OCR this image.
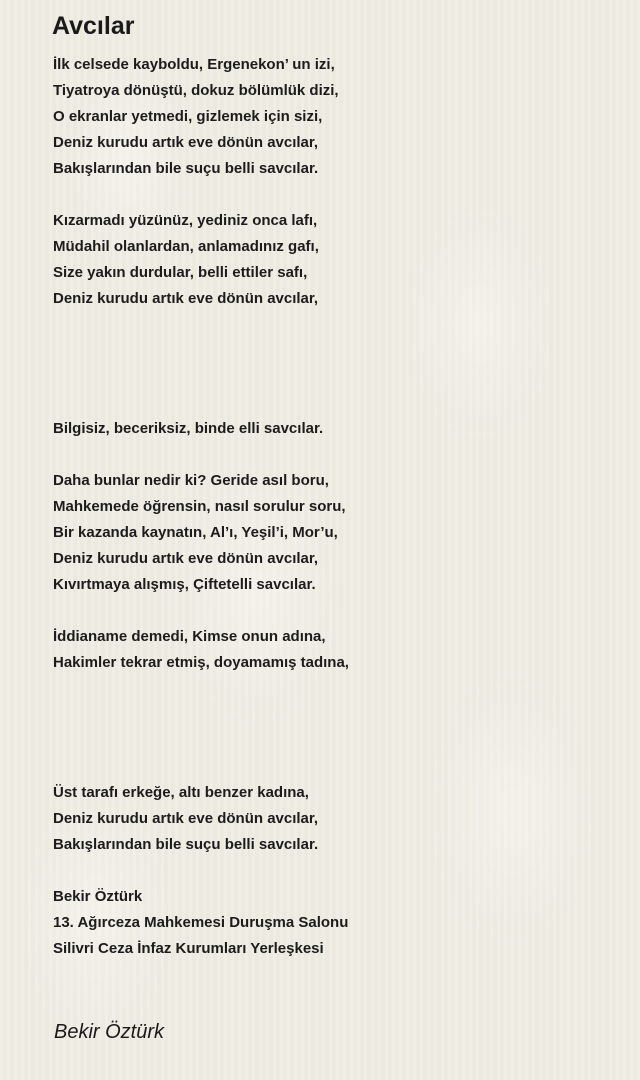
Avcılar
İlk celsede kayboldu, Ergenekon’ un izi,
Tiyatroya dönüştü, dokuz bölümlük dizi,
O ekranlar yetmedi, gizlemek için sizi,
Deniz kurudu artık eve dönün avcılar,
Bakışlarından bile suçu belli savcılar.
Kızarmadı yüzünüz, yediniz onca lafı,
Müdahil olanlardan, anlamadınız gafı,
Size yakın durdular, belli ettiler safı,
Deniz kurudu artık eve dönün avcılar,
Bilgisiz, beceriksiz, binde elli savcılar.
Daha bunlar nedir ki? Geride asıl boru,
Mahkemede öğrensin, nasıl sorulur soru,
Bir kazanda kaynatın, Al’ı, Yeşil’i, Mor’u,
Deniz kurudu artık eve dönün avcılar,
Kıvırtmaya alışmış, Çiftetelli savcılar.
İddianame demedi, Kimse onun adına,
Hakimler tekrar etmiş, doyamamış tadına,
Üst tarafı erkeğe, altı benzer kadına,
Deniz kurudu artık eve dönün avcılar,
Bakışlarından bile suçu belli savcılar.
Bekir Öztürk
13. Ağırceza Mahkemesi Duruşma Salonu
Silivri Ceza İnfaz Kurumları Yerleşkesi
Bekir Öztürk
